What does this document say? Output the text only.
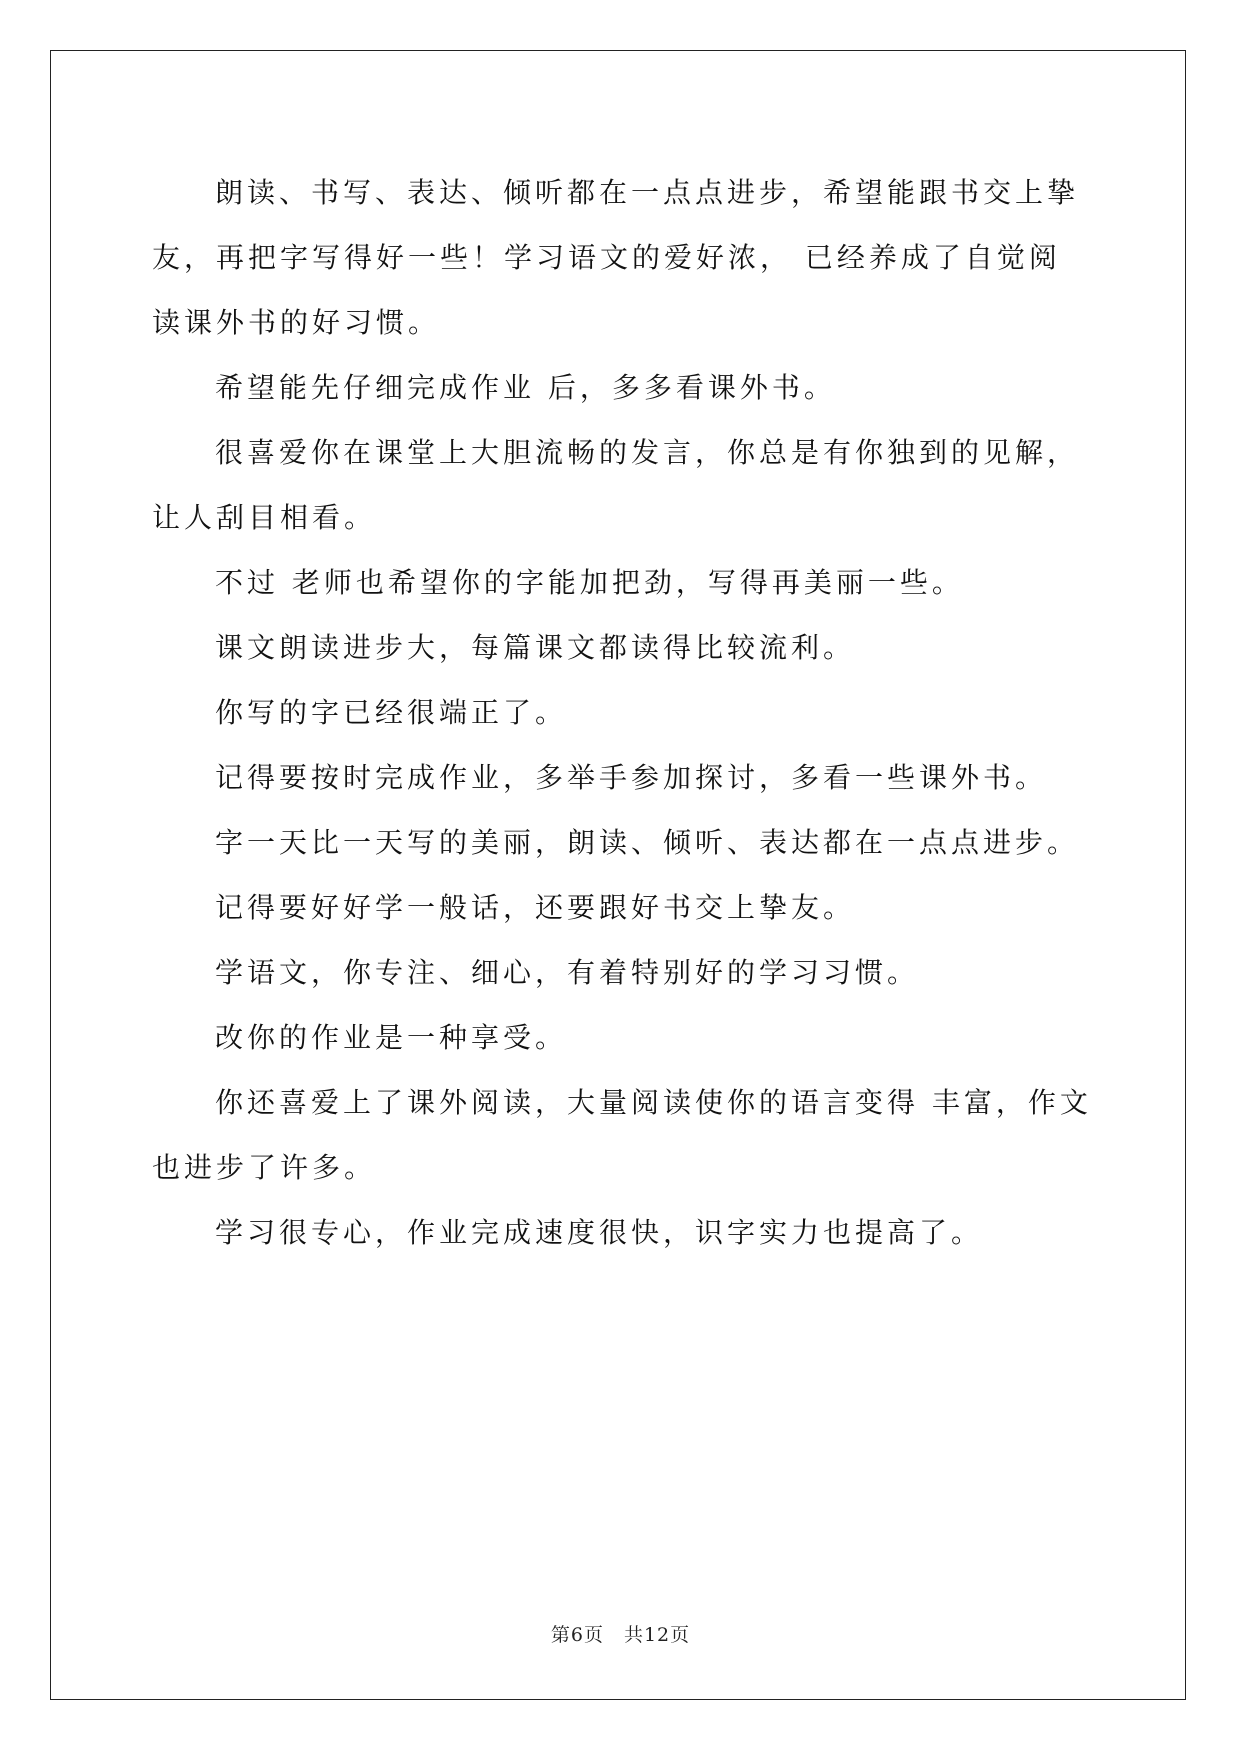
朗读、书写、表达、倾听都在一点点进步，希望能跟书交上挚友，再把字写得好一些！学习语文的爱好浓， 已经养成了自觉阅读课外书的好习惯。

希望能先仔细完成作业 后，多多看课外书。

很喜爱你在课堂上大胆流畅的发言，你总是有你独到的见解，让人刮目相看。

不过 老师也希望你的字能加把劲，写得再美丽一些。

课文朗读进步大，每篇课文都读得比较流利。

你写的字已经很端正了。

记得要按时完成作业，多举手参加探讨，多看一些课外书。

字一天比一天写的美丽，朗读、倾听、表达都在一点点进步。

记得要好好学一般话，还要跟好书交上挚友。

学语文，你专注、细心，有着特别好的学习习惯。

改你的作业是一种享受。

你还喜爱上了课外阅读，大量阅读使你的语言变得 丰富，作文也进步了许多。

学习很专心，作业完成速度很快，识字实力也提高了。

第6页 共12页
